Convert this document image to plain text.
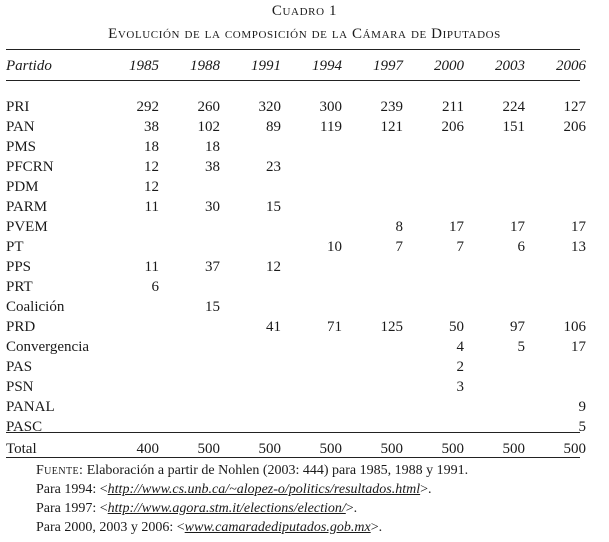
Cuadro 1
Evolución de la composición de la Cámara de Diputados
Partido	1985	1988	1991	1994	1997	2000	2003	2006

PRI	292	260	320	300	239	211	224	127
PAN	38	102	89	119	121	206	151	206
PMS	18	18						
PFCRN	12	38	23					
PDM	12							
PARM	11	30	15					
PVEM					8	17	17	17
PT				10	7	7	6	13
PPS	11	37	12					
PRT	6							
Coalición		15						
PRD			41	71	125	50	97	106
Convergencia						4	5	17
PAS						2		
PSN						3		
PANAL								9
PASC								5

Total	400	500	500	500	500	500	500	500
Fuente: Elaboración a partir de Nohlen (2003: 444) para 1985, 1988 y 1991.
Para 1994: <http://www.cs.unb.ca/~alopez-o/politics/resultados.html>.
Para 1997: <http://www.agora.stm.it/elections/election/>.
Para 2000, 2003 y 2006: <www.camaradediputados.gob.mx>.
